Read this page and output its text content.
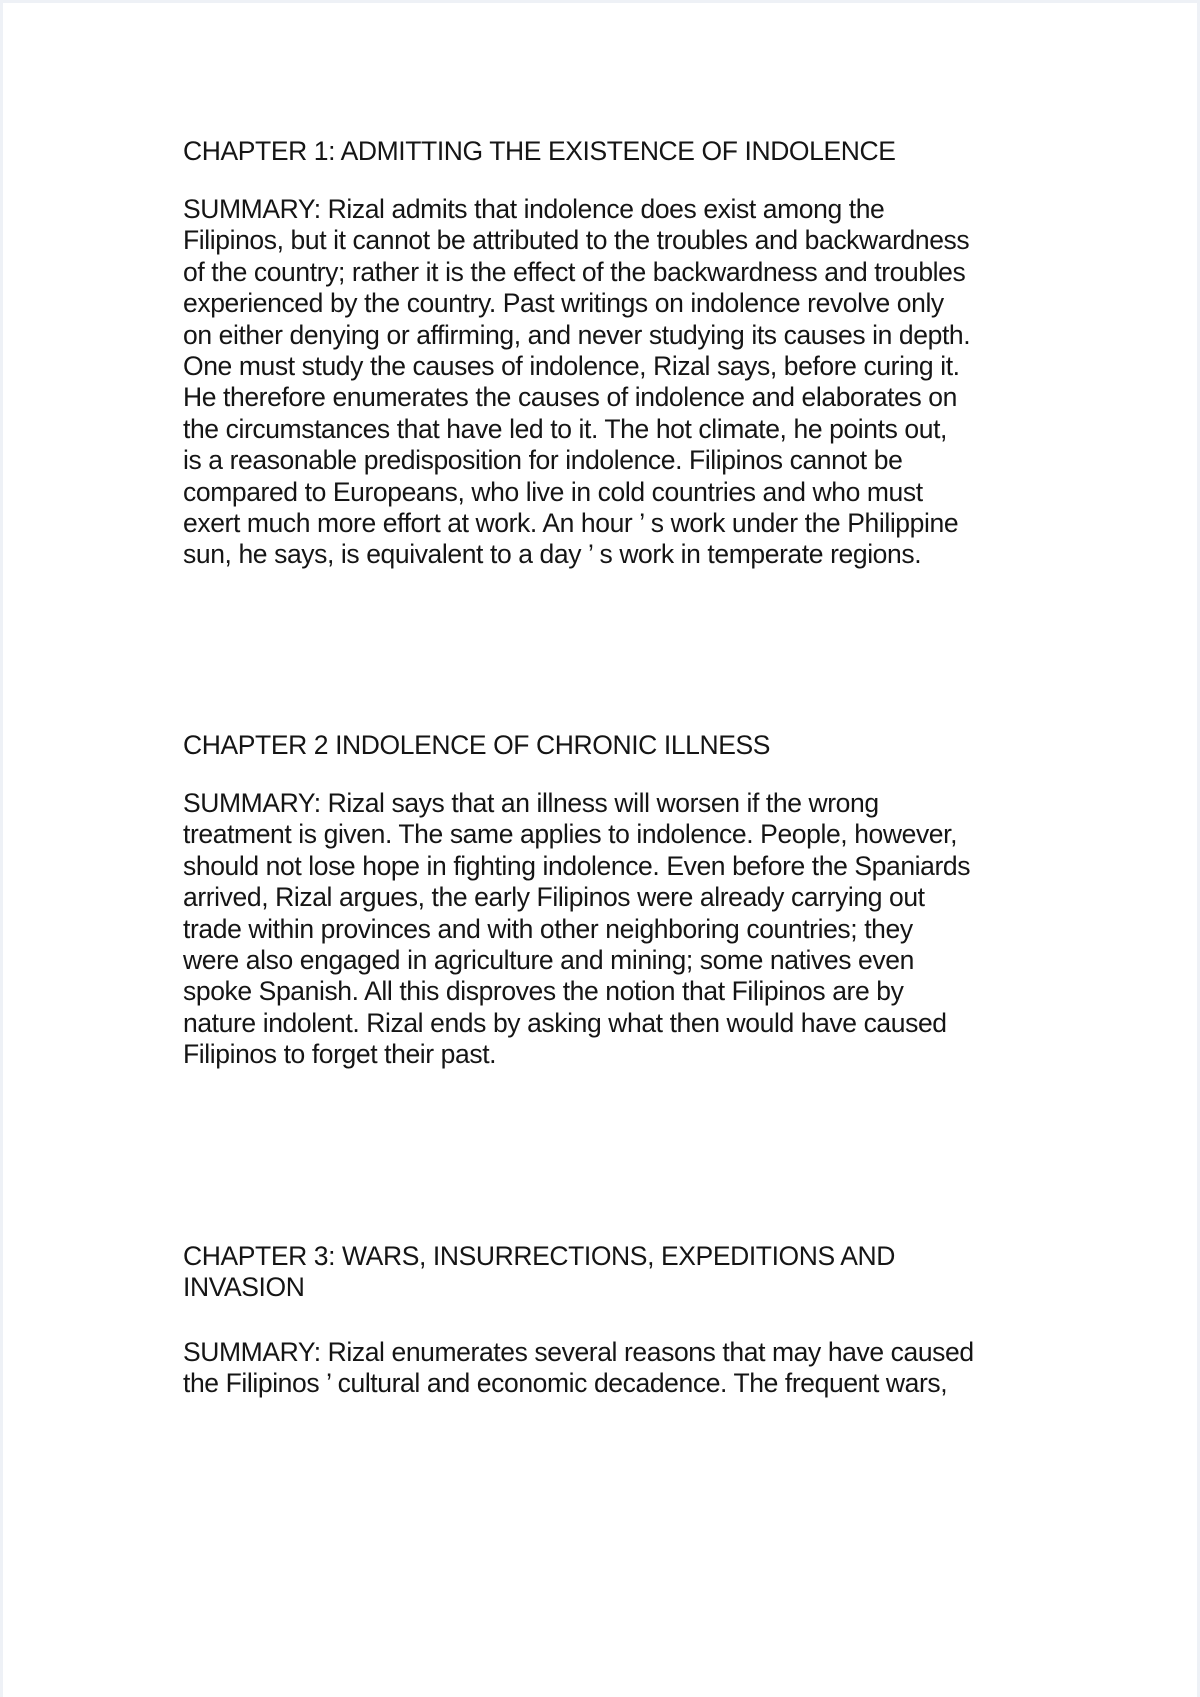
CHAPTER 1: ADMITTING THE EXISTENCE OF INDOLENCE
SUMMARY: Rizal admits that indolence does exist among the
Filipinos, but it cannot be attributed to the troubles and backwardness
of the country; rather it is the effect of the backwardness and troubles
experienced by the country. Past writings on indolence revolve only
on either denying or affirming, and never studying its causes in depth.
One must study the causes of indolence, Rizal says, before curing it.
He therefore enumerates the causes of indolence and elaborates on
the circumstances that have led to it. The hot climate, he points out,
is a reasonable predisposition for indolence. Filipinos cannot be
compared to Europeans, who live in cold countries and who must
exert much more effort at work. An hour ’ s work under the Philippine
sun, he says, is equivalent to a day ’ s work in temperate regions.
CHAPTER 2 INDOLENCE OF CHRONIC ILLNESS
SUMMARY: Rizal says that an illness will worsen if the wrong
treatment is given. The same applies to indolence. People, however,
should not lose hope in fighting indolence. Even before the Spaniards
arrived, Rizal argues, the early Filipinos were already carrying out
trade within provinces and with other neighboring countries; they
were also engaged in agriculture and mining; some natives even
spoke Spanish. All this disproves the notion that Filipinos are by
nature indolent. Rizal ends by asking what then would have caused
Filipinos to forget their past.
CHAPTER 3: WARS, INSURRECTIONS, EXPEDITIONS AND
INVASION
SUMMARY: Rizal enumerates several reasons that may have caused
the Filipinos ’ cultural and economic decadence. The frequent wars,
